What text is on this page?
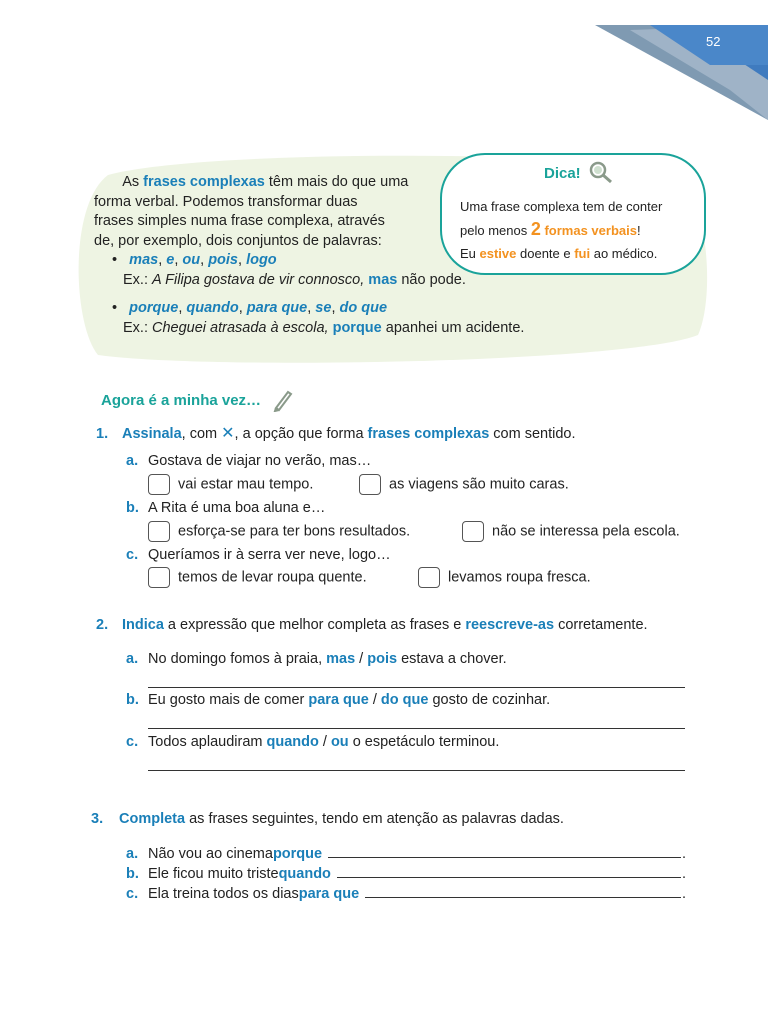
52
As frases complexas têm mais do que uma
forma verbal. Podemos transformar duas
frases simples numa frase complexa, através
de, por exemplo, dois conjuntos de palavras:
•   mas, e, ou, pois, logo
Ex.: A Filipa gostava de vir connosco, mas não pode.
•   porque, quando, para que, se, do que
Ex.: Cheguei atrasada à escola, porque apanhei um acidente.
Dica!
Uma frase complexa tem de conter
pelo menos 2 formas verbais!
Eu estive doente e fui ao médico.
Agora é a minha vez…
1. Assinala, com ✕, a opção que forma frases complexas com sentido.
a. Gostava de viajar no verão, mas…
vai estar mau tempo.	as viagens são muito caras.
b. A Rita é uma boa aluna e…
esforça-se para ter bons resultados.	não se interessa pela escola.
c. Queríamos ir à serra ver neve, logo…
temos de levar roupa quente.	levamos roupa fresca.
2. Indica a expressão que melhor completa as frases e reescreve-as corretamente.
a. No domingo fomos à praia, mas / pois estava a chover.
b. Eu gosto mais de comer para que / do que gosto de cozinhar.
c. Todos aplaudiram quando / ou o espetáculo terminou.
3. Completa as frases seguintes, tendo em atenção as palavras dadas.
a. Não vou ao cinema porque	.
b. Ele ficou muito triste quando	.
c. Ela treina todos os dias para que	.
